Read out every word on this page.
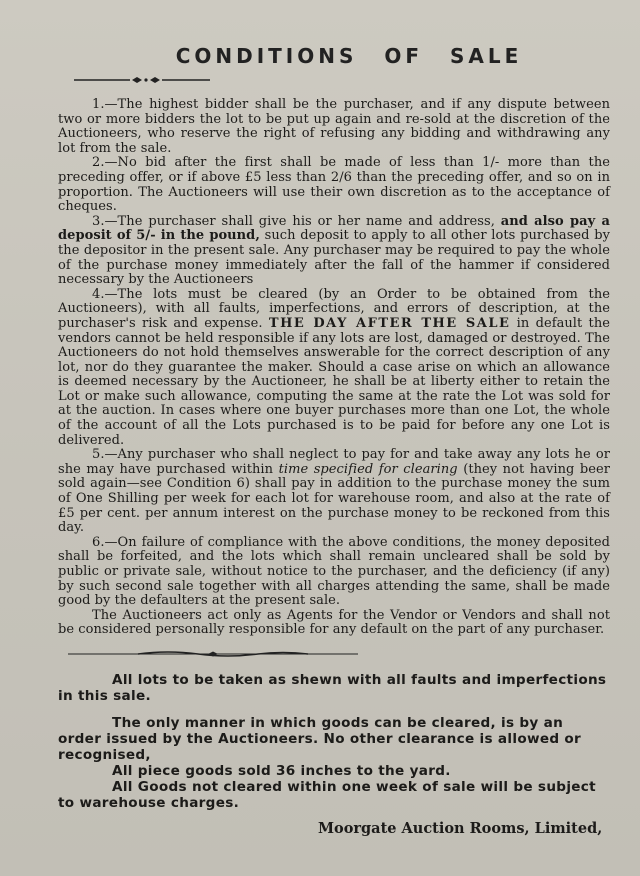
CONDITIONS OF SALE

1.—The highest bidder shall be the purchaser, and if any dispute between two or more bidders the lot to be put up again and re-sold at the discretion of the Auctioneers, who reserve the right of refusing any bidding and withdrawing any lot from the sale.

2.—No bid after the first shall be made of less than 1/- more than the preceding offer, or if above £5 less than 2/6 than the preceding offer, and so on in proportion. The Auctioneers will use their own discretion as to the acceptance of cheques.

3.—The purchaser shall give his or her name and address, and also pay a deposit of 5/- in the pound, such deposit to apply to all other lots purchased by the depositor in the present sale. Any purchaser may be required to pay the whole of the purchase money immediately after the fall of the hammer if considered necessary by the Auctioneers

4.—The lots must be cleared (by an Order to be obtained from the Auctioneers), with all faults, imperfections, and errors of description, at the purchaser's risk and expense. THE DAY AFTER THE SALE in default the vendors cannot be held responsible if any lots are lost, damaged or destroyed. The Auctioneers do not hold themselves answerable for the correct description of any lot, nor do they guarantee the maker. Should a case arise on which an allowance is deemed necessary by the Auctioneer, he shall be at liberty either to retain the Lot or make such allowance, computing the same at the rate the Lot was sold for at the auction. In cases where one buyer purchases more than one Lot, the whole of the account of all the Lots purchased is to be paid for before any one Lot is delivered.

5.—Any purchaser who shall neglect to pay for and take away any lots he or she may have purchased within time specified for clearing (they not having beer sold again—see Condition 6) shall pay in addition to the purchase money the sum of One Shilling per week for each lot for warehouse room, and also at the rate of £5 per cent. per annum interest on the purchase money to be reckoned from this day.

6.—On failure of compliance with the above conditions, the money deposited shall be forfeited, and the lots which shall remain uncleared shall be sold by public or private sale, without notice to the purchaser, and the deficiency (if any) by such second sale together with all charges attending the same, shall be made good by the defaulters at the present sale.

The Auctioneers act only as Agents for the Vendor or Vendors and shall not be considered personally responsible for any default on the part of any purchaser.

All lots to be taken as shewn with all faults and imperfections in this sale.

The only manner in which goods can be cleared, is by an order issued by the Auctioneers. No other clearance is allowed or recognised,

All piece goods sold 36 inches to the yard.

All Goods not cleared within one week of sale will be subject to warehouse charges.

Moorgate Auction Rooms, Limited,
